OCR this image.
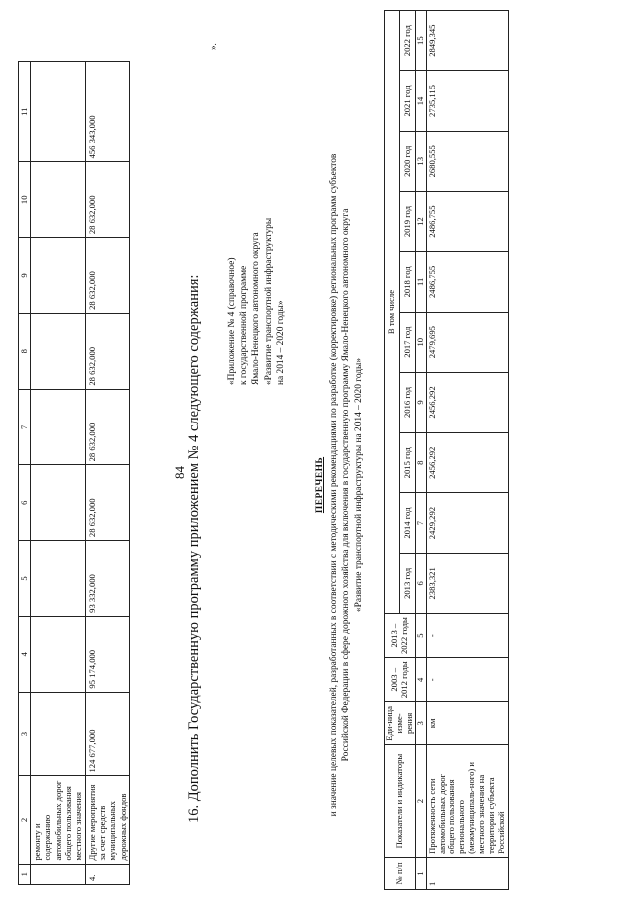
1	2	3	4	5	6	7	8	9	10	11
	ремонту и содержанию автомобильных дорог общего пользования местного значения									
4.	Другие мероприятия за счет средств муниципальных дорожных фондов	124 677,000	95 174,000	93 332,000	28 632,000	28 632,000	28 632,000	28 632,000	28 632,000	456 343,000
».
84 16. Дополнить Государственную программу приложением № 4 следующего содержания:	«Приложение № 4 (справочное) к государственной программе Ямало-Ненецкого автономного округа «Развитие транспортной инфраструктуры на 2014 – 2020 годы»
ПЕРЕЧЕНЬ и значение целевых показателей, разработанных в соответствии с методическими рекомендациями по разработке (корректировке) региональных программ субъектов Российской Федерации в сфере дорожного хозяйства для включения в государственную программу Ямало-Ненецкого автономного округа «Развитие транспортной инфраструктуры на 2014 – 2020 годы»
№ п/п	Показатели и индикаторы	Еди-ница изме-рения	2003 – 2012 годы	2013 – 2022 годы	В том числе									
					2013 год	2014 год	2015 год	2016 год	2017 год	2018 год	2019 год	2020 год	2021 год	2022 год
1	2	3	4	5	6	7	8	9	10	11	12	13	14	15
1	Протяженность сети автомобильных дорог общего пользования регионального (межмуниципаль-ного) и местного значения на территории субъекта Российской	км	-	-	2383,321	2429,292	2456,292	2456,292	2479,695	2486,755	2486,755	2680,555	2735,115	2849,345
